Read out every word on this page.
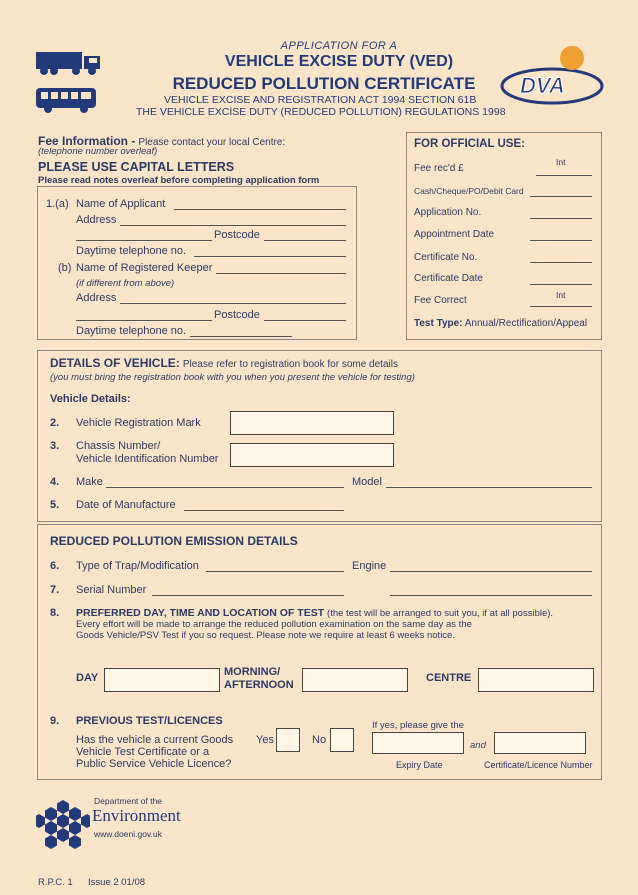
APPLICATION FOR A
VEHICLE EXCISE DUTY (VED)
REDUCED POLLUTION CERTIFICATE
VEHICLE EXCISE AND REGISTRATION ACT 1994 SECTION 61B
THE VEHICLE EXCISE DUTY (REDUCED POLLUTION) REGULATIONS 1998
DVA
Fee Information - Please contact your local Centre:
(telephone number overleaf)
PLEASE USE CAPITAL LETTERS
Please read notes overleaf before completing application form
1.(a) Name of Applicant
Address
Postcode
Daytime telephone no.
(b) Name of Registered Keeper
(if different from above)
Address
Postcode
Daytime telephone no.
FOR OFFICIAL USE:
Int
Fee rec'd £
Cash/Cheque/PO/Debit Card
Application No.
Appointment Date
Certificate No.
Certificate Date
Int
Fee Correct
Test Type: Annual/Rectification/Appeal
DETAILS OF VEHICLE: Please refer to registration book for some details
(you must bring the registration book with you when you present the vehicle for testing)
Vehicle Details:
2. Vehicle Registration Mark
3. Chassis Number/
Vehicle Identification Number
4. Make	Model
5. Date of Manufacture
REDUCED POLLUTION EMISSION DETAILS
6. Type of Trap/Modification	Engine
7. Serial Number
8. PREFERRED DAY, TIME AND LOCATION OF TEST (the test will be arranged to suit you, if at all possible).
Every effort will be made to arrange the reduced pollution examination on the same day as the
Goods Vehicle/PSV Test if you so request. Please note we require at least 6 weeks notice.
DAY	MORNING/
AFTERNOON
CENTRE
9. PREVIOUS TEST/LICENCES
Has the vehicle a current Goods
Vehicle Test Certificate or a
Public Service Vehicle Licence?
Yes	No
If yes, please give the
and
Expiry Date	Certificate/Licence Number
Department of the
Environment
www.doeni.gov.uk
R.P.C. 1 Issue 2 01/08
